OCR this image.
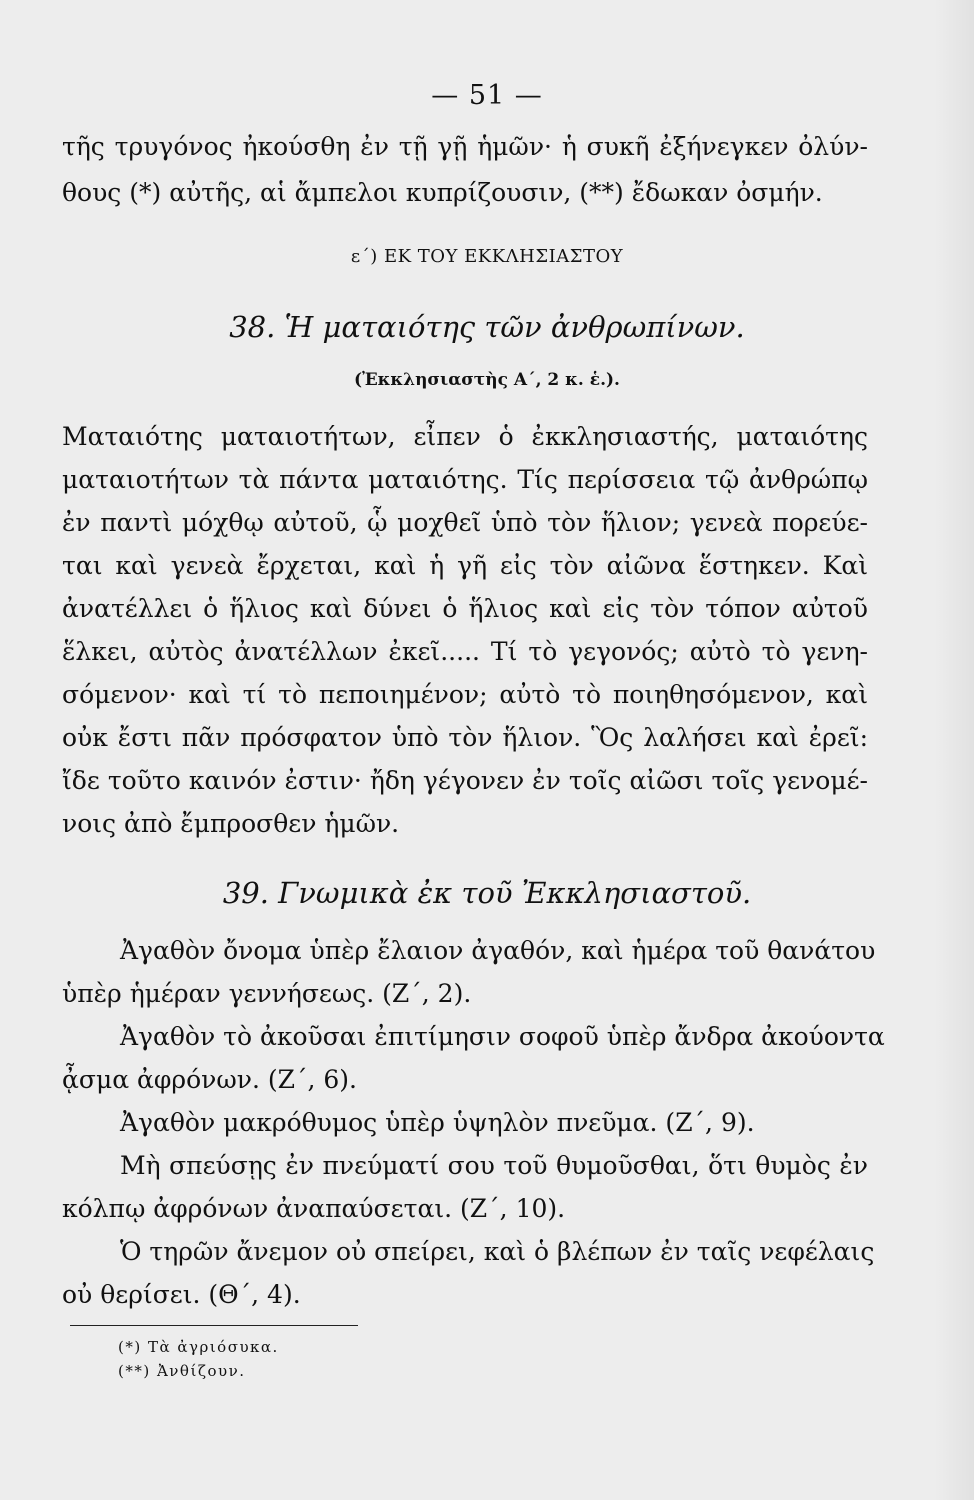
— 51 —
τῆς τρυγόνος ἠκούσθη ἐν τῇ γῇ ἡμῶν· ἡ συκῆ ἐξήνεγκεν ὀλύν-
θους (*) αὐτῆς, αἱ ἄμπελοι κυπρίζουσιν, (**) ἔδωκαν ὀσμήν.
ε΄) ΕΚ ΤΟΥ ΕΚΚΛΗΣΙΑΣΤΟΥ
38. Ἡ ματαιότης τῶν ἀνθρωπίνων.
(Ἐκκλησιαστὴς Α΄, 2 κ. ἑ.).
Ματαιότης ματαιοτήτων, εἶπεν ὁ ἐκκλησιαστής, ματαιότης
ματαιοτήτων τὰ πάντα ματαιότης. Τίς περίσσεια τῷ ἀνθρώπῳ
ἐν παντὶ μόχθῳ αὐτοῦ, ᾧ μοχθεῖ ὑπὸ τὸν ἥλιον; γενεὰ πορεύε-
ται καὶ γενεὰ ἔρχεται, καὶ ἡ γῆ εἰς τὸν αἰῶνα ἕστηκεν. Καὶ
ἀνατέλλει ὁ ἥλιος καὶ δύνει ὁ ἥλιος καὶ εἰς τὸν τόπον αὐτοῦ
ἕλκει, αὐτὸς ἀνατέλλων ἐκεῖ..... Τί τὸ γεγονός; αὐτὸ τὸ γενη-
σόμενον· καὶ τί τὸ πεποιημένον; αὐτὸ τὸ ποιηθησόμενον, καὶ
οὐκ ἔστι πᾶν πρόσφατον ὑπὸ τὸν ἥλιον. Ὃς λαλήσει καὶ ἐρεῖ:
ἴδε τοῦτο καινόν ἐστιν· ἤδη γέγονεν ἐν τοῖς αἰῶσι τοῖς γενομέ-
νοις ἀπὸ ἔμπροσθεν ἡμῶν.
39. Γνωμικὰ ἐκ τοῦ Ἐκκλησιαστοῦ.
Ἀγαθὸν ὄνομα ὑπὲρ ἔλαιον ἀγαθόν, καὶ ἡμέρα τοῦ θανάτου
ὑπὲρ ἡμέραν γεννήσεως. (Ζ΄, 2).
Ἀγαθὸν τὸ ἀκοῦσαι ἐπιτίμησιν σοφοῦ ὑπὲρ ἄνδρα ἀκούοντα
ᾆσμα ἀφρόνων. (Ζ΄, 6).
Ἀγαθὸν μακρόθυμος ὑπὲρ ὑψηλὸν πνεῦμα. (Ζ΄, 9).
Μὴ σπεύσῃς ἐν πνεύματί σου τοῦ θυμοῦσθαι, ὅτι θυμὸς ἐν
κόλπῳ ἀφρόνων ἀναπαύσεται. (Ζ΄, 10).
Ὁ τηρῶν ἄνεμον οὐ σπείρει, καὶ ὁ βλέπων ἐν ταῖς νεφέλαις
οὐ θερίσει. (Θ΄, 4).
(*) Τὰ ἀγριόσυκα.
(**) Ἀνθίζουν.
